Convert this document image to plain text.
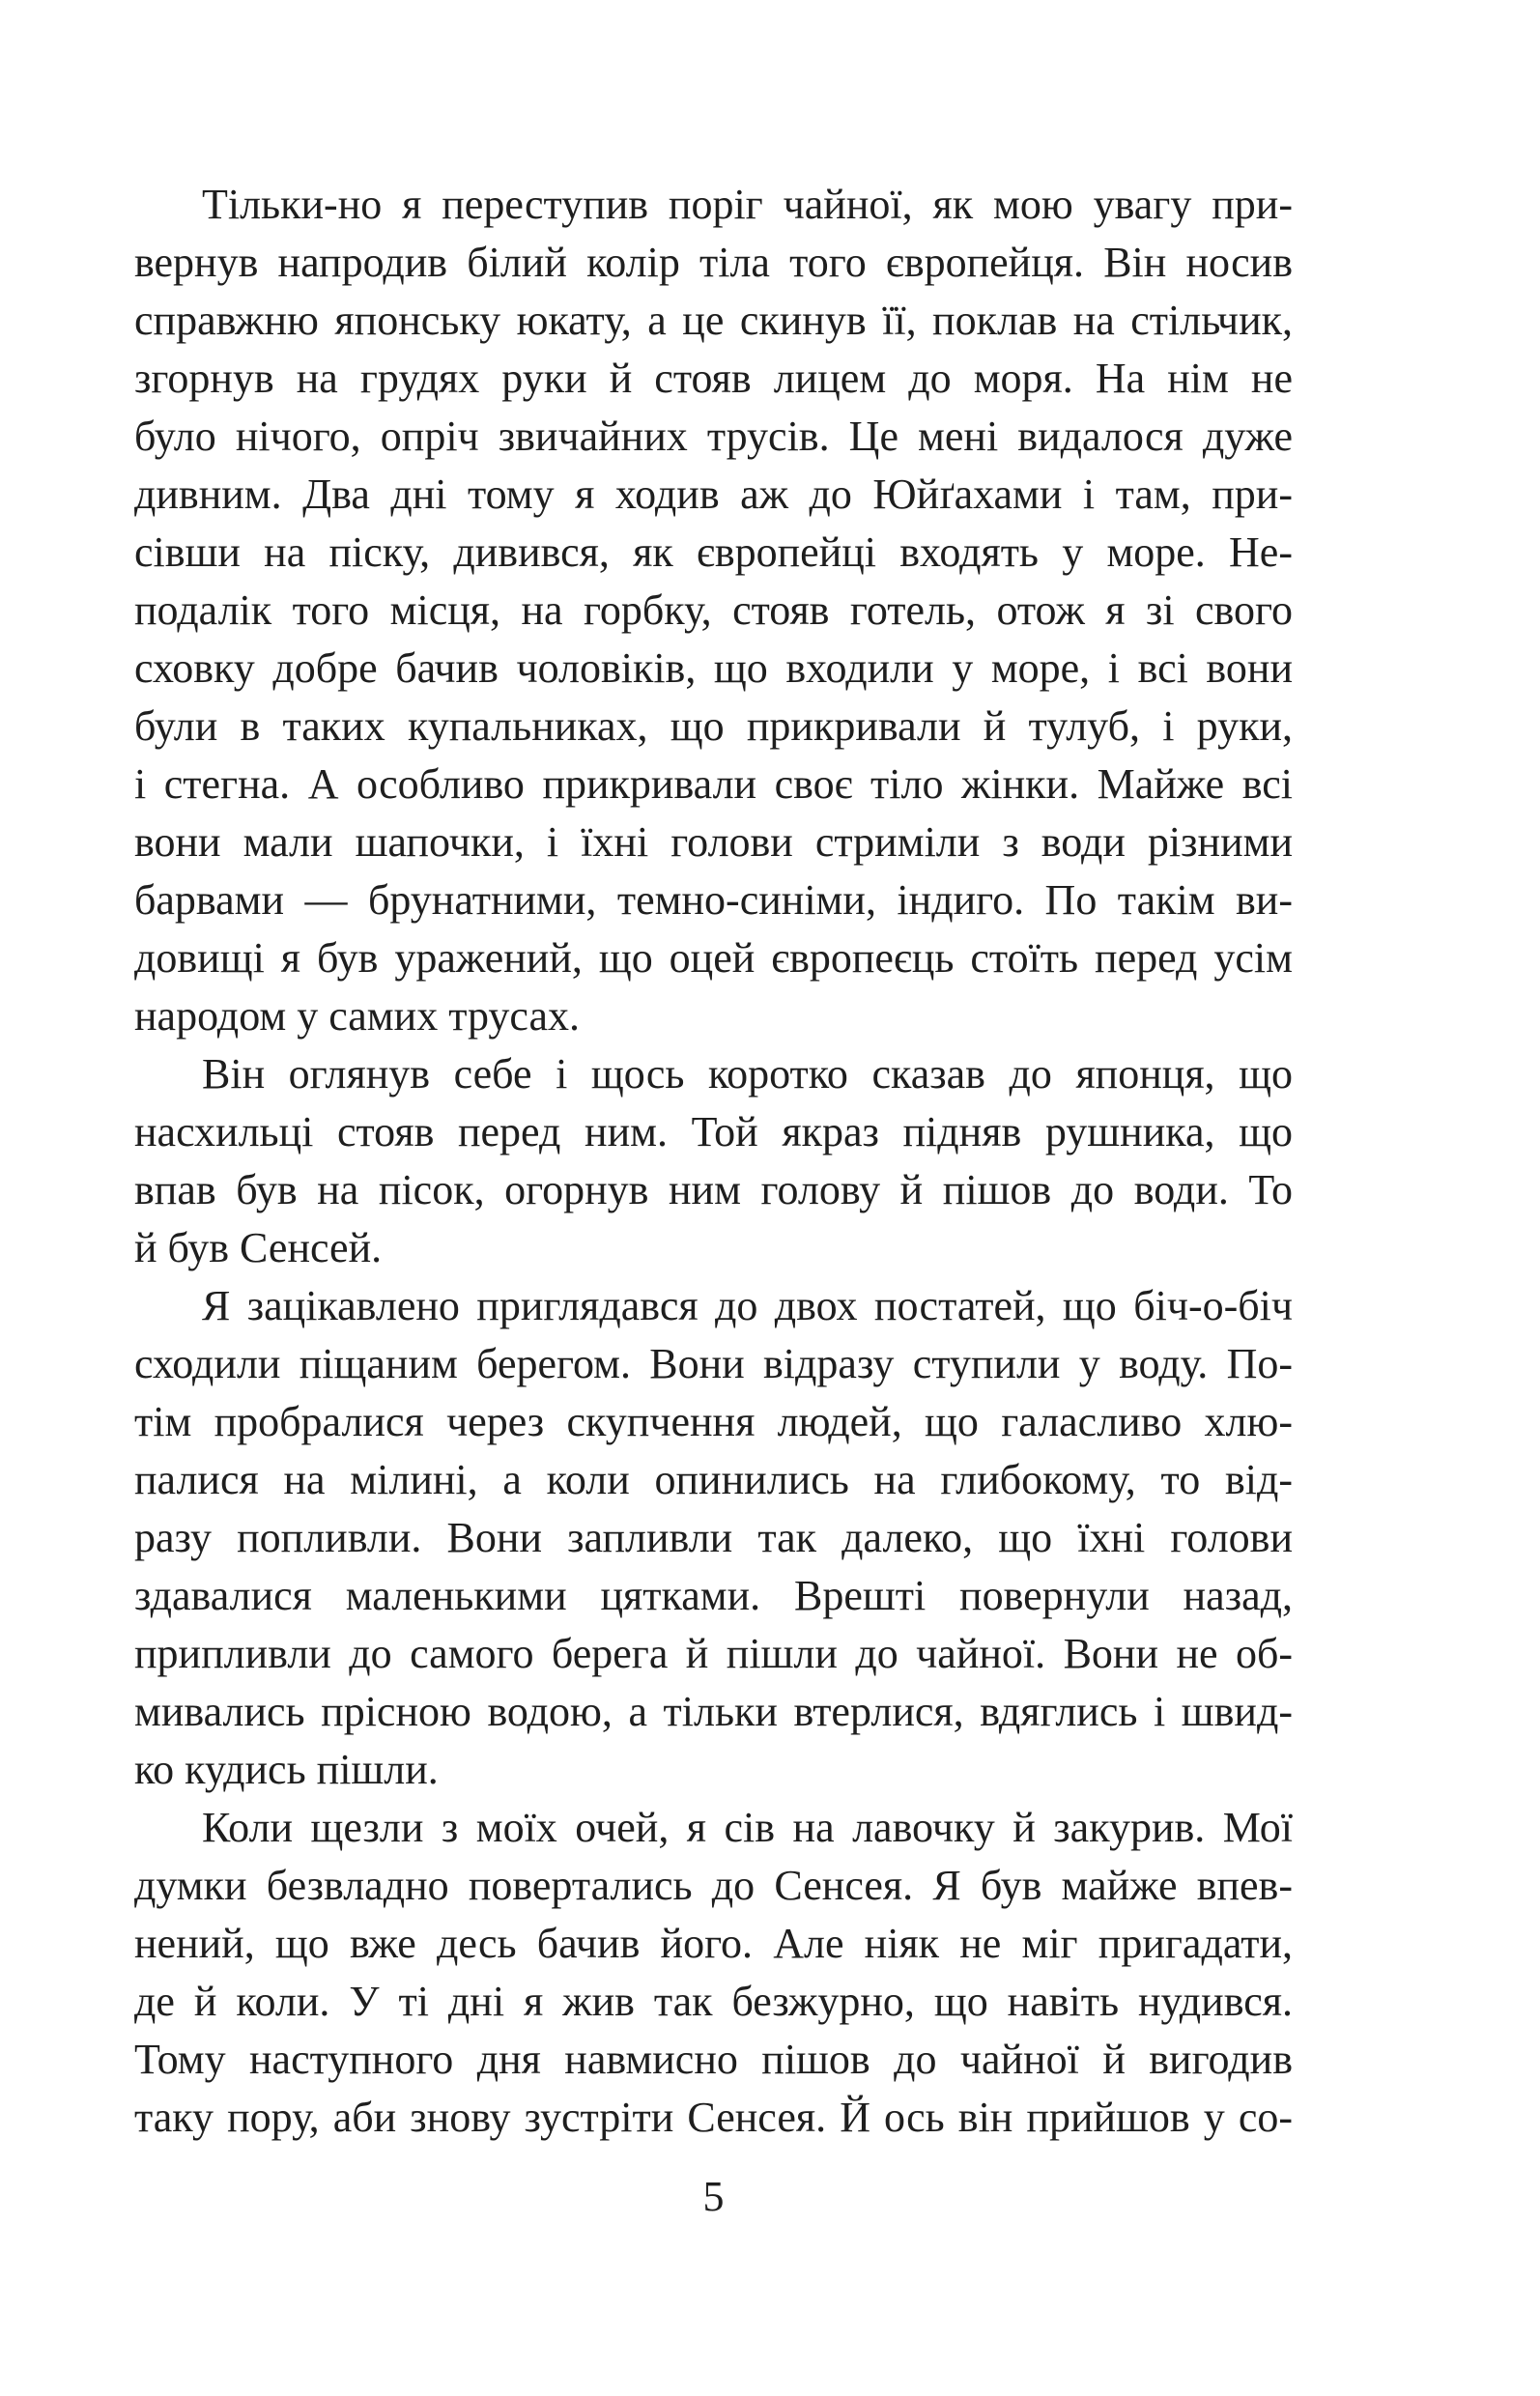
Тільки-но я переступив поріг чайної, як мою увагу при-
вернув напродив білий колір тіла того європейця. Він носив
справжню японську юкату, а це скинув її, поклав на стільчик,
згорнув на грудях руки й стояв лицем до моря. На нім не
було нічого, опріч звичайних трусів. Це мені видалося дуже
дивним. Два дні тому я ходив аж до Юйґахами і там, при-
сівши на піску, дивився, як європейці входять у море. Не-
подалік того місця, на горбку, стояв готель, отож я зі свого
сховку добре бачив чоловіків, що входили у море, і всі вони
були в таких купальниках, що прикривали й тулуб, і руки,
і стегна. А особливо прикривали своє тіло жінки. Майже всі
вони мали шапочки, і їхні голови стриміли з води різними
барвами — брунатними, темно-синіми, індиго. По такім ви-
довищі я був уражений, що оцей європеєць стоїть перед усім
народом у самих трусах.
Він оглянув себе і щось коротко сказав до японця, що
насхильці стояв перед ним. Той якраз підняв рушника, що
впав був на пісок, огорнув ним голову й пішов до води. То
й був Сенсей.
Я зацікавлено приглядався до двох постатей, що біч-о-біч
сходили піщаним берегом. Вони відразу ступили у воду. По-
тім пробралися через скупчення людей, що галасливо хлю-
палися на мілині, а коли опинились на глибокому, то від-
разу попливли. Вони запливли так далеко, що їхні голови
здавалися маленькими цятками. Врешті повернули назад,
припливли до самого берега й пішли до чайної. Вони не об-
мивались прісною водою, а тільки втерлися, вдяглись і швид-
ко кудись пішли.
Коли щезли з моїх очей, я сів на лавочку й закурив. Мої
думки безвладно повертались до Сенсея. Я був майже впев-
нений, що вже десь бачив його. Але ніяк не міг пригадати,
де й коли. У ті дні я жив так безжурно, що навіть нудився.
Тому наступного дня навмисно пішов до чайної й вигодив
таку пору, аби знову зустріти Сенсея. Й ось він прийшов у со-
5
